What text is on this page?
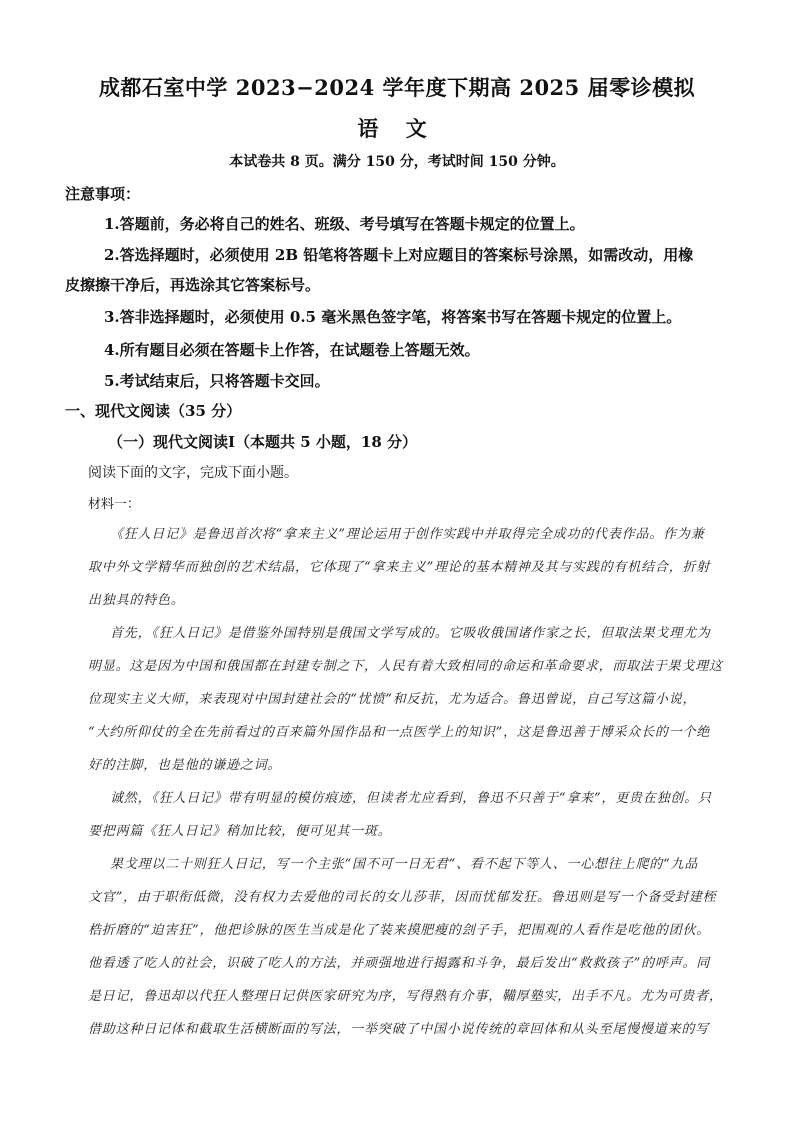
成都石室中学 2023−2024 学年度下期高 2025 届零诊模拟
语 文
本试卷共 8 页。满分 150 分，考试时间 150 分钟。
注意事项：
1.答题前，务必将自己的姓名、班级、考号填写在答题卡规定的位置上。
2.答选择题时，必须使用 2B 铅笔将答题卡上对应题目的答案标号涂黑，如需改动，用橡
皮擦擦干净后，再选涂其它答案标号。
3.答非选择题时，必须使用 0.5 毫米黑色签字笔，将答案书写在答题卡规定的位置上。
4.所有题目必须在答题卡上作答，在试题卷上答题无效。
5.考试结束后，只将答题卡交回。
一、现代文阅读（35 分）
（一）现代文阅读Ⅰ（本题共 5 小题，18 分）
阅读下面的文字，完成下面小题。
材料一：
《狂人日记》是鲁迅首次将“拿来主义”理论运用于创作实践中并取得完全成功的代表作品。作为兼
取中外文学精华而独创的艺术结晶，它体现了“拿来主义”理论的基本精神及其与实践的有机结合，折射
出独具的特色。
首先，《狂人日记》是借鉴外国特别是俄国文学写成的。它吸收俄国诸作家之长，但取法果戈理尤为
明显。这是因为中国和俄国都在封建专制之下，人民有着大致相同的命运和革命要求，而取法于果戈理这
位现实主义大师，来表现对中国封建社会的“忧愤”和反抗，尤为适合。鲁迅曾说，自己写这篇小说，
“大约所仰仗的全在先前看过的百来篇外国作品和一点医学上的知识”，这是鲁迅善于博采众长的一个绝
好的注脚，也是他的谦逊之词。
诚然，《狂人日记》带有明显的模仿痕迹，但读者尤应看到，鲁迅不只善于“拿来”，更贵在独创。只
要把两篇《狂人日记》稍加比较，便可见其一斑。
果戈理以二十则狂人日记，写一个主张“国不可一日无君”、看不起下等人、一心想往上爬的“九品
文官”，由于职衔低微，没有权力去爱他的司长的女儿莎菲，因而忧郁发狂。鲁迅则是写一个备受封建桎
梏折磨的“迫害狂”，他把诊脉的医生当成是化了装来摸肥瘦的刽子手，把围观的人看作是吃他的团伙。
他看透了吃人的社会，识破了吃人的方法，并顽强地进行揭露和斗争，最后发出“救救孩子”的呼声。同
是日记，鲁迅却以代狂人整理日记供医家研究为序，写得熟有介事，鞴厚塾实，出手不凡。尤为可贵者，
借助这种日记体和截取生活横断面的写法，一举突破了中国小说传统的章回体和从头至尾慢慢道来的写
